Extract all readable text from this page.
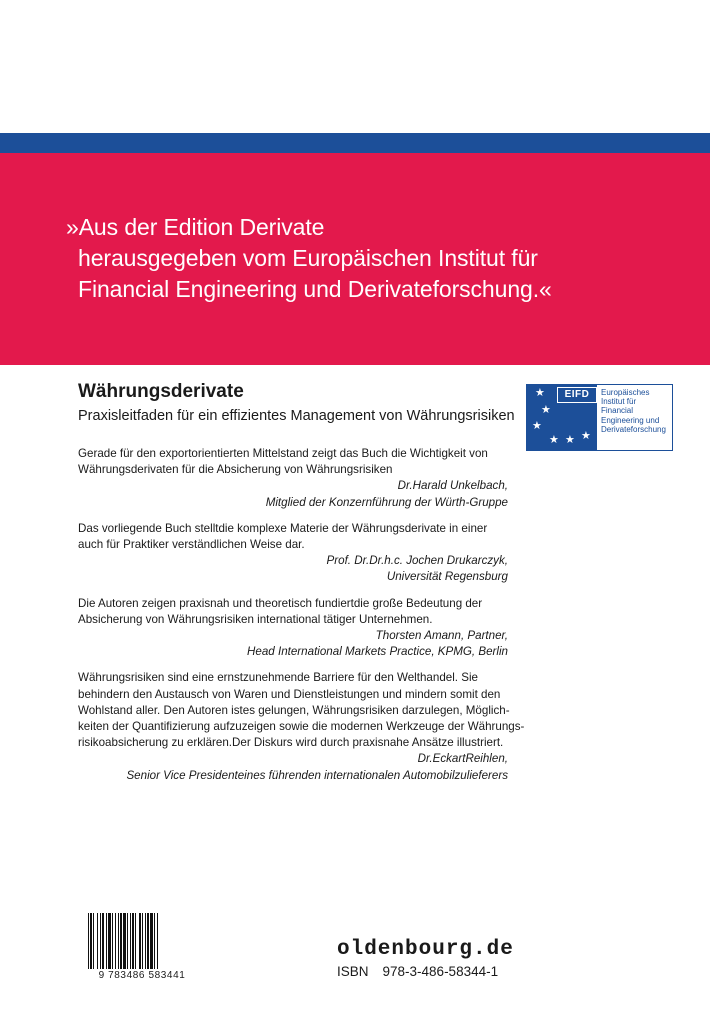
»Aus der Edition Derivate
herausgegeben vom Europäischen Institut für
Financial Engineering und Derivateforschung.«
Währungsderivate
Praxisleitfaden für ein effizientes Management von Währungsrisiken
★
★
★
★ ★ ★
EIFD	Europäisches
Institut für
Financial
Engineering und
Derivateforschung
Gerade für den exportorientierten Mittelstand zeigt das Buch die Wichtigkeit von
Währungsderivaten für die Absicherung von Währungsrisiken
Dr.Harald Unkelbach,
Mitglied der Konzernführung der Würth-Gruppe
Das vorliegende Buch stelltdie komplexe Materie der Währungsderivate in einer
auch für Praktiker verständlichen Weise dar.
Prof. Dr.Dr.h.c. Jochen Drukarczyk,
Universität Regensburg
Die Autoren zeigen praxisnah und theoretisch fundiertdie große Bedeutung der
Absicherung von Währungsrisiken international tätiger Unternehmen.
Thorsten Amann, Partner,
Head International Markets Practice, KPMG, Berlin
Währungsrisiken sind eine ernstzunehmende Barriere für den Welthandel. Sie
behindern den Austausch von Waren und Dienstleistungen und mindern somit den
Wohlstand aller. Den Autoren istes gelungen, Währungsrisiken darzulegen, Möglich-
keiten der Quantifizierung aufzuzeigen sowie die modernen Werkzeuge der Währungs-
risikoabsicherung zu erklären.Der Diskurs wird durch praxisnahe Ansätze illustriert.
Dr.EckartReihlen,
Senior Vice Presidenteines führenden internationalen Automobilzulieferers
9 783486 583441
oldenbourg.de
ISBN 978-3-486-58344-1
